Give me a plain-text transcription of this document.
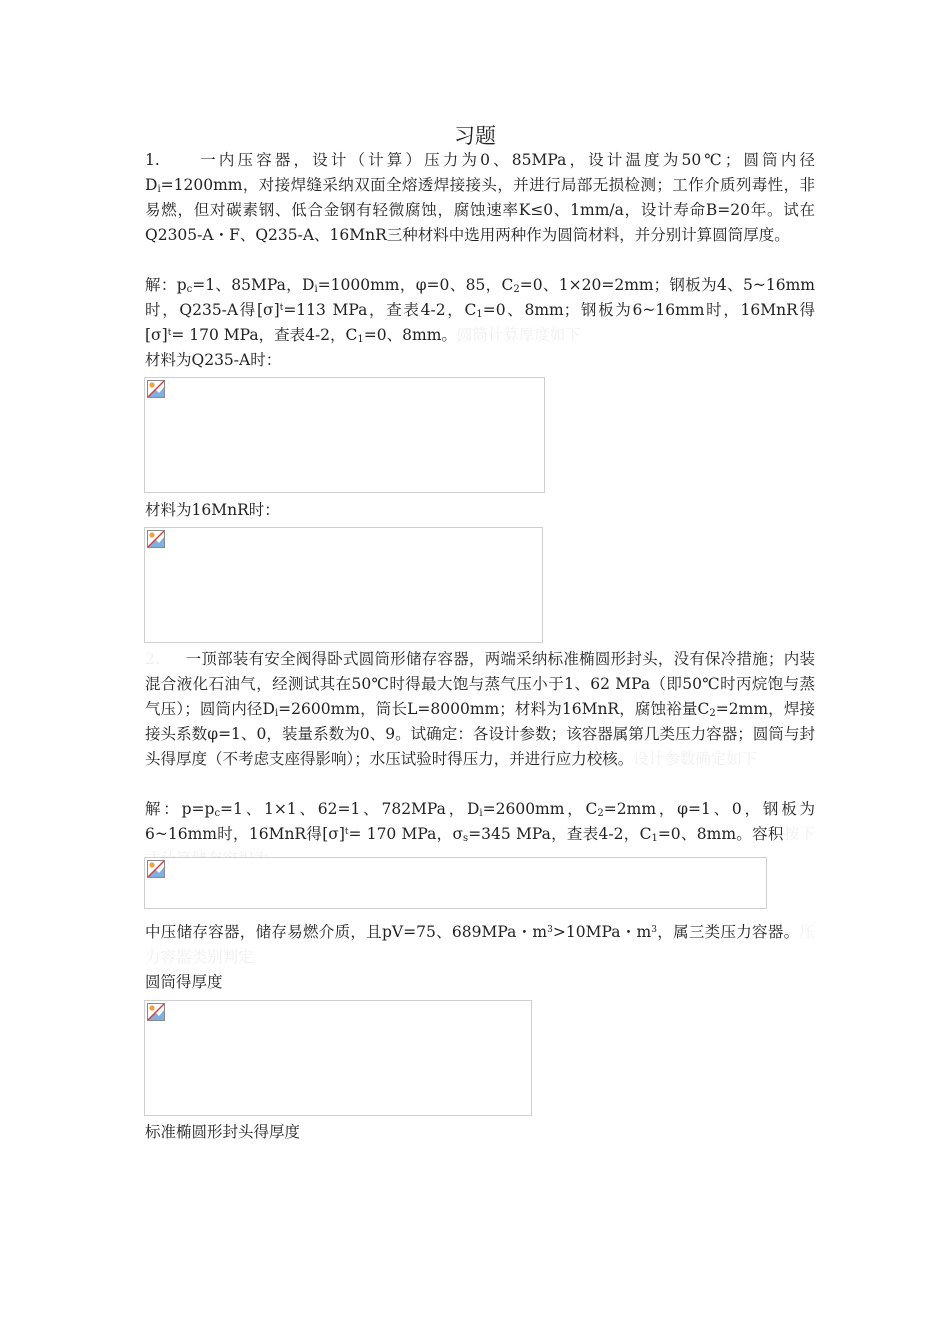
习题

1.	一内压容器，设计（计算）压力为0、85MPa，设计温度为50℃；圆筒内径$D_i=1200mm$，对接焊缝采纳双面全熔透焊接接头，并进行局部无损检测；工作介质列毒性，非易燃，但对碳素钢、低合金钢有轻微腐蚀，腐蚀速率K≤0、1mm/a，设计寿命B=20年。试在Q2305-A・F、Q235-A、16MnR三种材料中选用两种作为圆筒材料，并分别计算圆筒厚度。

解：$p_c=1$、85MPa，$D_i=1000mm$，φ=0、85，$C_2=0$、1×20=2mm；钢板为4、5~16mm时，Q235-A得$[\sigma]^t=113$ MPa，查表4-2，$C_1=0$、8mm；钢板为6~16mm时，16MnR得$[\sigma]^t= 170$ MPa，查表4-2，$C_1=0$、8mm。圆筒计算厚度如下

材料为Q235-A时：

材料为16MnR时：

2. 一顶部装有安全阀得卧式圆筒形储存容器，两端采纳标准椭圆形封头，没有保冷措施；内装混合液化石油气，经测试其在50℃时得最大饱与蒸气压小于1、62 MPa（即50℃时丙烷饱与蒸气压）；圆筒内径$D_i=2600mm$，筒长L=8000mm；材料为16MnR，腐蚀裕量$C_2=2mm$，焊接接头系数φ=1、0，装量系数为0、9。试确定：各设计参数；该容器属第几类压力容器；圆筒与封头得厚度（不考虑支座得影响）；水压试验时得压力，并进行应力校核。设计参数确定如下

解：$p=p_c=1$、1×1、62=1、782MPa，$D_i=2600mm$，$C_2=2mm$，φ=1、0，钢板为6~16mm时，16MnR得$[\sigma]^t= 170$ MPa，$\sigma_s=345$ MPa，查表4-2，$C_1=0$、8mm。容积按下

中压储存容器，储存易燃介质，且pV=75、689MPa・$m^3>10MPa$・$m^3$，属三类压力容器。压力容器类别判定

圆筒得厚度

标准椭圆形封头得厚度
